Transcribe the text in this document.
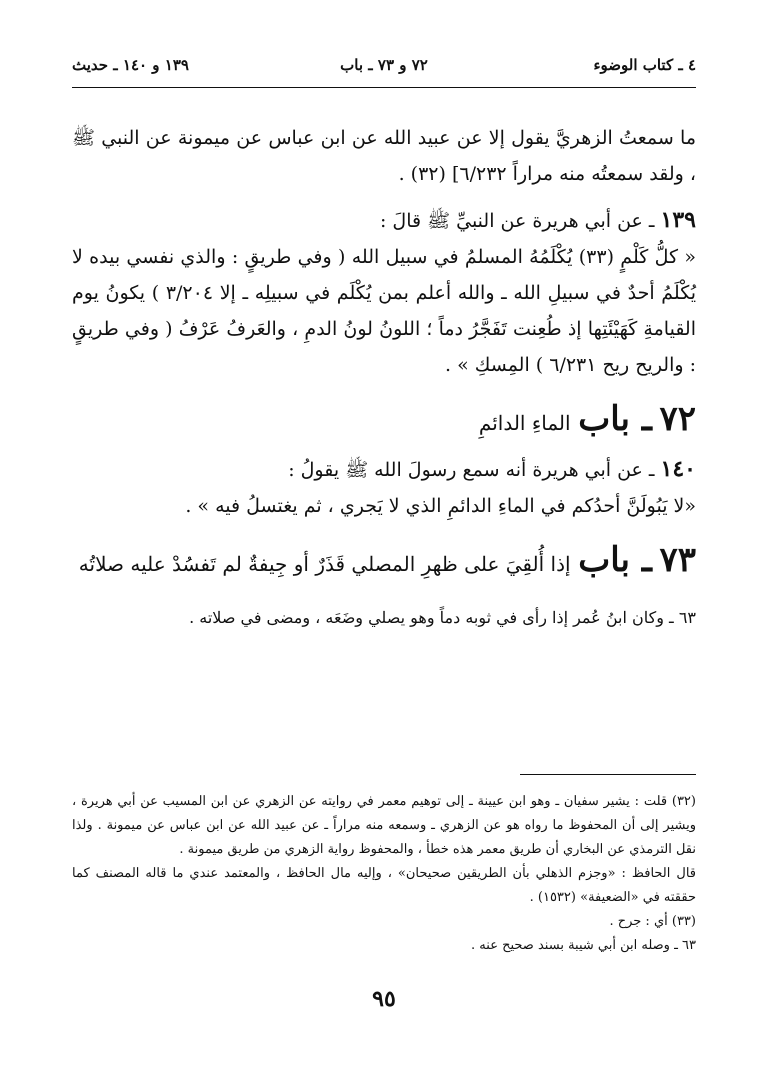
٤ ـ كتاب الوضوء
٧٢ و ٧٣ ـ باب
١٣٩ و ١٤٠ ـ حديث

ما سمعتُ الزهريَّ يقول إلا عن عبيد الله عن ابن عباس عن ميمونة عن النبي ﷺ ، ولقد سمعتُه منه مراراً ٦/٢٣٢] (٣٢) .

١٣٩ ـ عن أبي هريرة عن النبيِّ ﷺ قالَ :

« كلُّ كَلْمٍ (٣٣) يُكْلَمُهُ المسلمُ في سبيل الله ( وفي طريقٍ : والذي نفسي بيده لا يُكْلَمُ أحدٌ في سبيلِ الله ـ والله أعلم بمن يُكْلَم في سبيلِه ـ إلا ٣/٢٠٤ ) يكونُ يوم القيامةِ كَهَيْئَتِها إذ طُعِنت تَفَجَّرُ دماً ؛ اللونُ لونُ الدمِ ، والعَرفُ عَرْفُ ( وفي طريقٍ : والريح ريح ٦/٢٣١ ) المِسكِ » .

٧٢ ـ باب الماءِ الدائمِ

١٤٠ ـ عن أبي هريرة أنه سمع رسولَ الله ﷺ يقولُ :

«لا يَبُولَنَّ أحدُكم في الماءِ الدائمِ الذي لا يَجري ، ثم يغتسلُ فيه » .

٧٣ ـ باب إذا أُلقِيَ على ظهرِ المصلي قَذَرٌ أو جِيفةٌ لم تَفسُدْ عليه صلاتُه

٦٣ ـ وكان ابنُ عُمر إذا رأى في ثوبه دماً وهو يصلي وضَعَه ، ومضى في صلاته .

(٣٢) قلت : يشير سفيان ـ وهو ابن عيينة ـ إلى توهيم معمر في روايته عن الزهري عن ابن المسيب عن أبي هريرة ، ويشير إلى أن المحفوظ ما رواه هو عن الزهري ـ وسمعه منه مراراً ـ عن عبيد الله عن ابن عباس عن ميمونة . ولذا نقل الترمذي عن البخاري أن طريق معمر هذه خطأ ، والمحفوظ رواية الزهري من طريق ميمونة .

قال الحافظ : «وجزم الذهلي بأن الطريقين صحيحان» ، وإليه مال الحافظ ، والمعتمد عندي ما قاله المصنف كما حققته في «الضعيفة» (١٥٣٢) .

(٣٣) أي : جرح .

٦٣ ـ وصله ابن أبي شيبة بسند صحيح عنه .

٩٥
